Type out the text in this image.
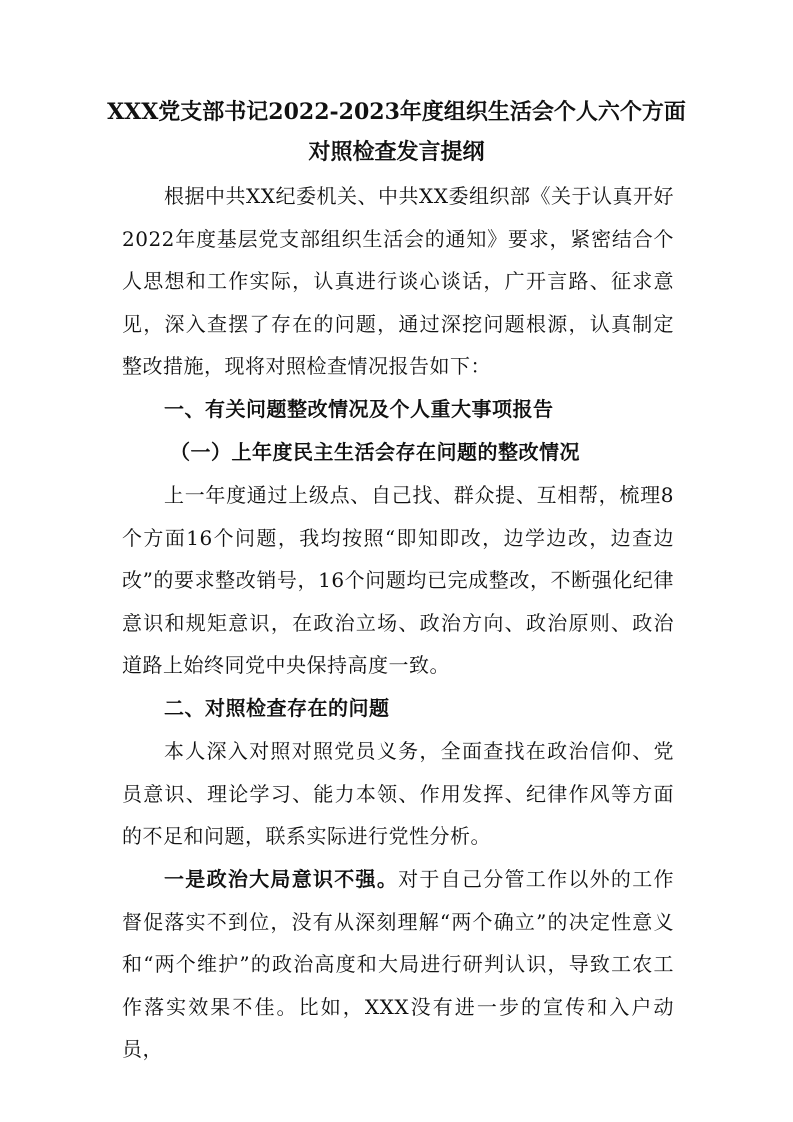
XXX党支部书记2022-2023年度组织生活会个人六个方面对照检查发言提纲

根据中共XX纪委机关、中共XX委组织部《关于认真开好2022年度基层党支部组织生活会的通知》要求，紧密结合个人思想和工作实际，认真进行谈心谈话，广开言路、征求意见，深入查摆了存在的问题，通过深挖问题根源，认真制定整改措施，现将对照检查情况报告如下：

一、有关问题整改情况及个人重大事项报告

（一）上年度民主生活会存在问题的整改情况

上一年度通过上级点、自己找、群众提、互相帮，梳理8个方面16个问题，我均按照“即知即改，边学边改，边查边改”的要求整改销号，16个问题均已完成整改，不断强化纪律意识和规矩意识，在政治立场、政治方向、政治原则、政治道路上始终同党中央保持高度一致。

二、对照检查存在的问题

本人深入对照对照党员义务，全面查找在政治信仰、党员意识、理论学习、能力本领、作用发挥、纪律作风等方面的不足和问题，联系实际进行党性分析。

一是政治大局意识不强。对于自己分管工作以外的工作督促落实不到位，没有从深刻理解“两个确立”的决定性意义和“两个维护”的政治高度和大局进行研判认识，导致工农工作落实效果不佳。比如，XXX没有进一步的宣传和入户动员，
